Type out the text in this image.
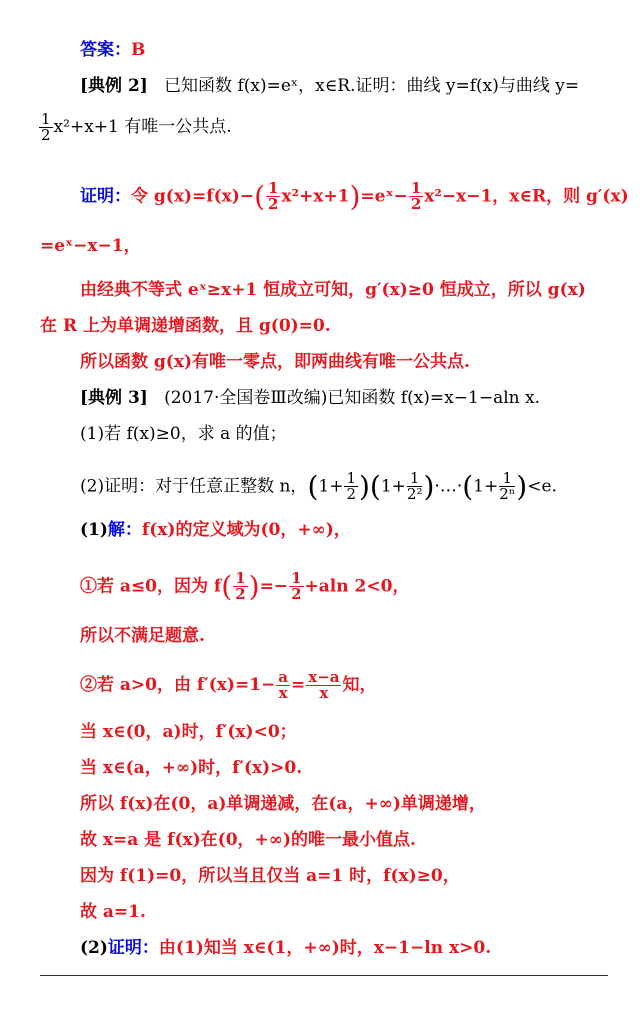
答案：B
[典例 2] 已知函数 f(x)=eˣ，x∈R.证明：曲线 y=f(x)与曲线 y=
$\frac{1}{2} x^2+x+1$ 有唯一公共点.
证明：令 $g(x)=f(x)-( \frac{1}{2}$ x²+x+1)=eˣ− $\frac{1}{2} x^2-x-1$，x∈R，则 g′(x)
=eˣ−x−1，
由经典不等式 eˣ≥x+1 恒成立可知，g′(x)≥0 恒成立，所以 g(x)
在 R 上为单调递增函数，且 g(0)=0.
所以函数 g(x)有唯一零点，即两曲线有唯一公共点.
[典例 3] (2017·全国卷Ⅲ改编)已知函数 f(x)=x−1−aln x.
(1)若 f(x)≥0，求 a 的值；
(2)证明：对于任意正整数 n，$(1+ \frac{1}{2} )(1+ \frac{1}{\text{2²}}$ )·…·(1+ $\frac{1}{\text{2ⁿ}} )<e$.
(1)解：f(x)的定义域为(0，+∞)，
①若 a≤0，因为 $f( \frac{1}{2}$ )=− $\frac{1}{2} +aln$ 2<0，
所以不满足题意.
②若 a>0，由 $f'(x)=1- \frac{a}{x} = \frac{x-a}{x}$ 知，
当 x∈(0，a)时，f′(x)<0；
当 x∈(a，+∞)时，f′(x)>0.
所以 f(x)在(0，a)单调递减，在(a，+∞)单调递增，
故 x=a 是 f(x)在(0，+∞)的唯一最小值点.
因为 f(1)=0，所以当且仅当 a=1 时，f(x)≥0，
故 a=1.
(2)证明：由(1)知当 x∈(1，+∞)时，x−1−ln x>0.
